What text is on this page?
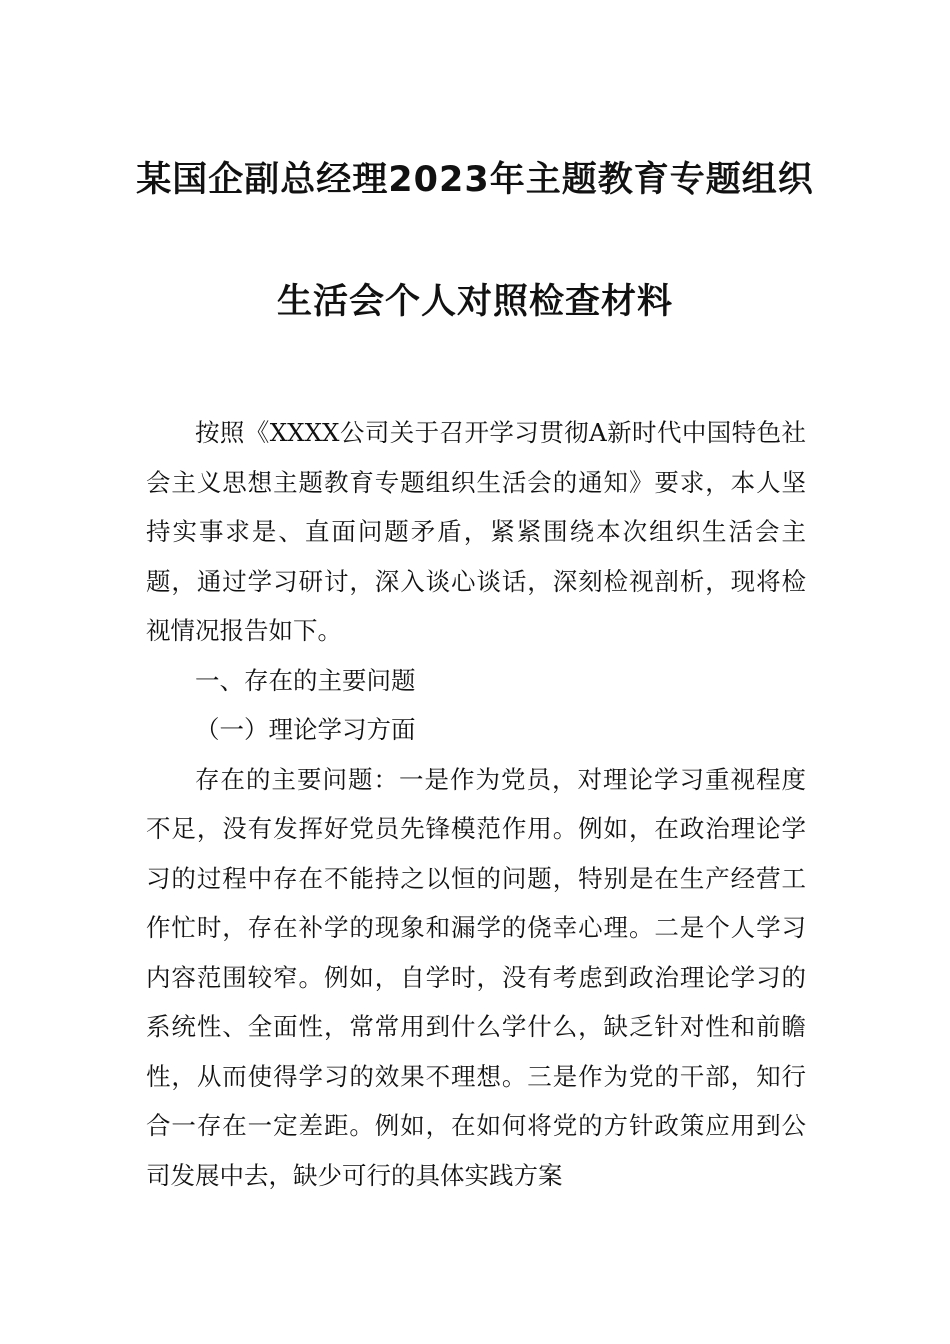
某国企副总经理2023年主题教育专题组织
生活会个人对照检查材料

按照《XXXX公司关于召开学习贯彻A新时代中国特色社会主义思想主题教育专题组织生活会的通知》要求，本人坚持实事求是、直面问题矛盾，紧紧围绕本次组织生活会主题，通过学习研讨，深入谈心谈话，深刻检视剖析，现将检视情况报告如下。

一、存在的主要问题

（一）理论学习方面

存在的主要问题：一是作为党员，对理论学习重视程度不足，没有发挥好党员先锋模范作用。例如，在政治理论学习的过程中存在不能持之以恒的问题，特别是在生产经营工作忙时，存在补学的现象和漏学的侥幸心理。二是个人学习内容范围较窄。例如，自学时，没有考虑到政治理论学习的系统性、全面性，常常用到什么学什么，缺乏针对性和前瞻性，从而使得学习的效果不理想。三是作为党的干部，知行合一存在一定差距。例如，在如何将党的方针政策应用到公司发展中去，缺少可行的具体实践方案
